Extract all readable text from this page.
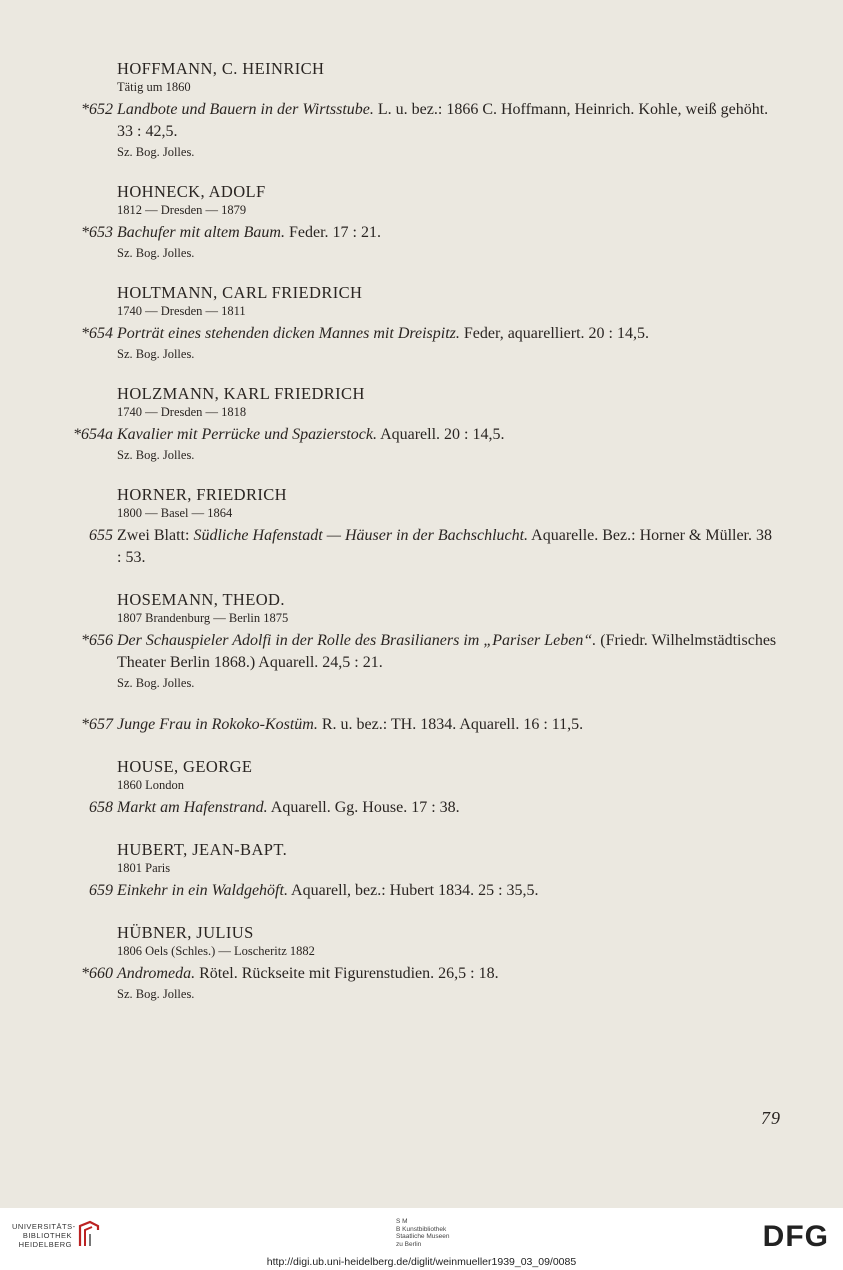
HOFFMANN, C. HEINRICH
Tätig um 1860
*652 Landbote und Bauern in der Wirtsstube. L. u. bez.: 1866 C. Hoffmann, Heinrich. Kohle, weiß gehöht. 33 : 42,5.
Sz. Bog. Jolles.
HOHNECK, ADOLF
1812 — Dresden — 1879
*653 Bachufer mit altem Baum. Feder. 17 : 21.
Sz. Bog. Jolles.
HOLTMANN, CARL FRIEDRICH
1740 — Dresden — 1811
*654 Porträt eines stehenden dicken Mannes mit Dreispitz. Feder, aquarelliert. 20 : 14,5.
Sz. Bog. Jolles.
HOLZMANN, KARL FRIEDRICH
1740 — Dresden — 1818
*654a Kavalier mit Perrücke und Spazierstock. Aquarell. 20 : 14,5.
Sz. Bog. Jolles.
HORNER, FRIEDRICH
1800 — Basel — 1864
655 Zwei Blatt: Südliche Hafenstadt — Häuser in der Bachschlucht. Aquarelle. Bez.: Horner & Müller. 38 : 53.
HOSEMANN, THEOD.
1807 Brandenburg — Berlin 1875
*656 Der Schauspieler Adolfi in der Rolle des Brasilianers im „Pariser Leben“. (Friedr. Wilhelmstädtisches Theater Berlin 1868.) Aquarell. 24,5 : 21.
Sz. Bog. Jolles.
*657 Junge Frau in Rokoko-Kostüm. R. u. bez.: TH. 1834. Aquarell. 16 : 11,5.
HOUSE, GEORGE
1860 London
658 Markt am Hafenstrand. Aquarell. Gg. House. 17 : 38.
HUBERT, JEAN-BAPT.
1801 Paris
659 Einkehr in ein Waldgehöft. Aquarell, bez.: Hubert 1834. 25 : 35,5.
HÜBNER, JULIUS
1806 Oels (Schles.) — Loscheritz 1882
*660 Andromeda. Rötel. Rückseite mit Figurenstudien. 26,5 : 18.
Sz. Bog. Jolles.
79
UNIVERSITÄTS-
BIBLIOTHEK
HEIDELBERG
S M
B Kunstbibliothek
Staatliche Museen
zu Berlin	DFG
http://digi.ub.uni-heidelberg.de/diglit/weinmueller1939_03_09/0085
